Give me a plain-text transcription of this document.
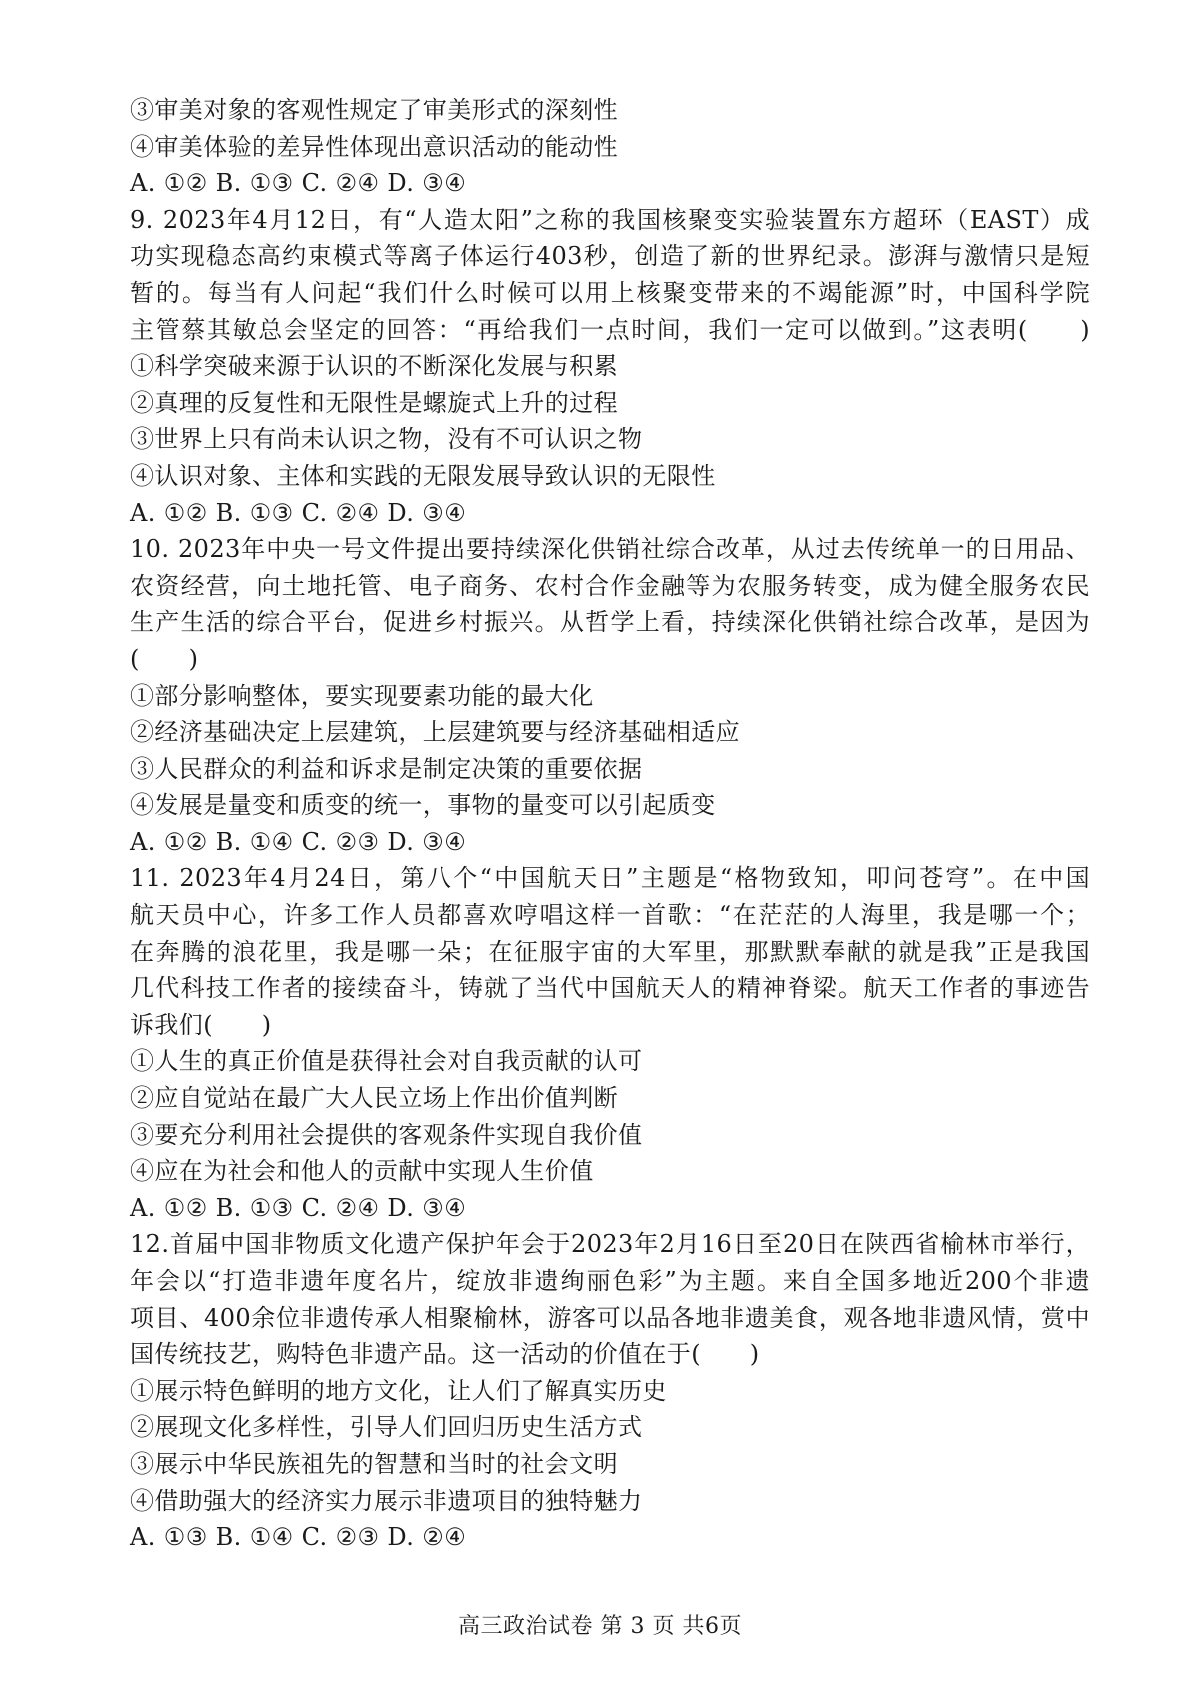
③审美对象的客观性规定了审美形式的深刻性
④审美体验的差异性体现出意识活动的能动性
A. ①② B. ①③ C. ②④ D. ③④
9. 2023年4月12日，有“人造太阳”之称的我国核聚变实验装置东方超环（EAST）成
功实现稳态高约束模式等离子体运行403秒，创造了新的世界纪录。澎湃与激情只是短
暂的。每当有人问起“我们什么时候可以用上核聚变带来的不竭能源”时，中国科学院
主管蔡其敏总会坚定的回答：“再给我们一点时间，我们一定可以做到。”这表明(　　)
①科学突破来源于认识的不断深化发展与积累
②真理的反复性和无限性是螺旋式上升的过程
③世界上只有尚未认识之物，没有不可认识之物
④认识对象、主体和实践的无限发展导致认识的无限性
A. ①② B. ①③ C. ②④ D. ③④
10. 2023年中央一号文件提出要持续深化供销社综合改革，从过去传统单一的日用品、
农资经营，向土地托管、电子商务、农村合作金融等为农服务转变，成为健全服务农民
生产生活的综合平台，促进乡村振兴。从哲学上看，持续深化供销社综合改革，是因为
(　　)
①部分影响整体，要实现要素功能的最大化
②经济基础决定上层建筑，上层建筑要与经济基础相适应
③人民群众的利益和诉求是制定决策的重要依据
④发展是量变和质变的统一，事物的量变可以引起质变
A. ①② B. ①④ C. ②③ D. ③④
11. 2023年4月24日，第八个“中国航天日”主题是“格物致知，叩问苍穹”。在中国
航天员中心，许多工作人员都喜欢哼唱这样一首歌：“在茫茫的人海里，我是哪一个；
在奔腾的浪花里，我是哪一朵；在征服宇宙的大军里，那默默奉献的就是我”正是我国
几代科技工作者的接续奋斗，铸就了当代中国航天人的精神脊梁。航天工作者的事迹告
诉我们(　　)
①人生的真正价值是获得社会对自我贡献的认可
②应自觉站在最广大人民立场上作出价值判断
③要充分利用社会提供的客观条件实现自我价值
④应在为社会和他人的贡献中实现人生价值
A. ①② B. ①③ C. ②④ D. ③④
12.首届中国非物质文化遗产保护年会于2023年2月16日至20日在陕西省榆林市举行，
年会以“打造非遗年度名片，绽放非遗绚丽色彩”为主题。来自全国多地近200个非遗
项目、400余位非遗传承人相聚榆林，游客可以品各地非遗美食，观各地非遗风情，赏中
国传统技艺，购特色非遗产品。这一活动的价值在于(　　)
①展示特色鲜明的地方文化，让人们了解真实历史
②展现文化多样性，引导人们回归历史生活方式
③展示中华民族祖先的智慧和当时的社会文明
④借助强大的经济实力展示非遗项目的独特魅力
A. ①③ B. ①④ C. ②③ D. ②④
高三政治试卷 第 3 页 共6页
